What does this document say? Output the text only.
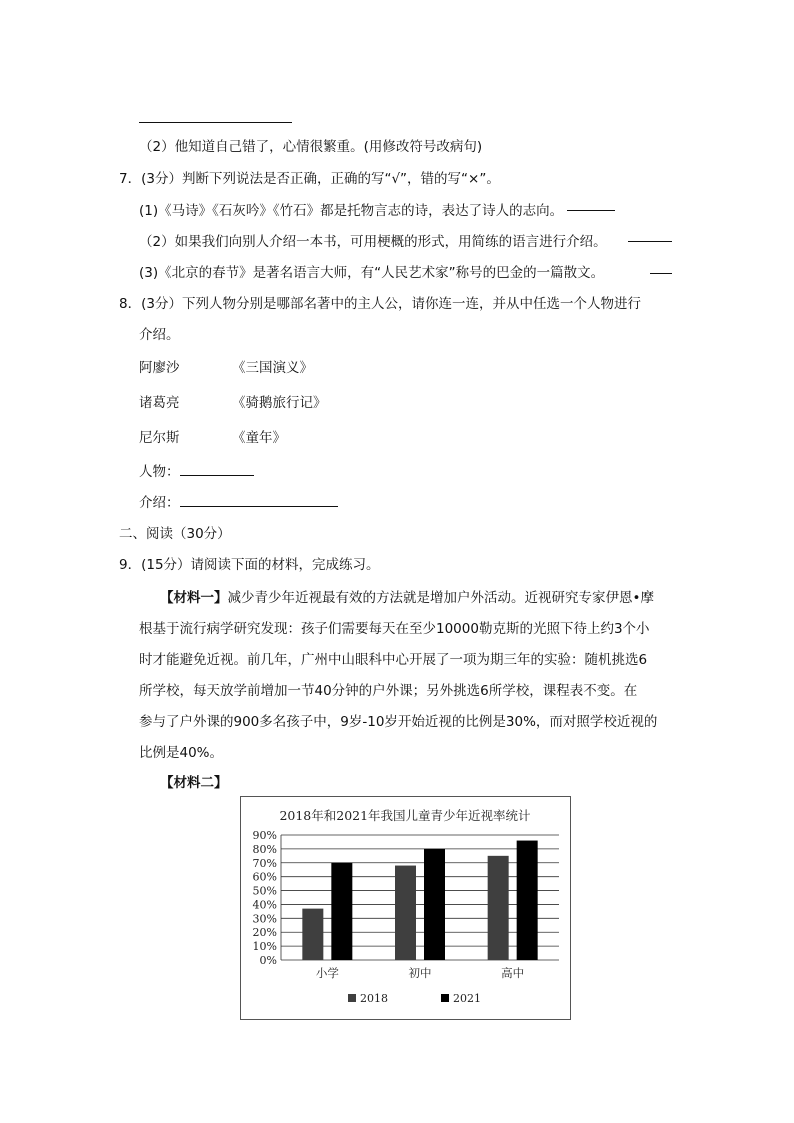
（2）他知道自己错了，心情很繁重。(用修改符号改病句)
7．(3分）判断下列说法是否正确，正确的写“√”，错的写“×”。
(1)《马诗》《石灰吟》《竹石》都是托物言志的诗，表达了诗人的志向。
（2）如果我们向别人介绍一本书，可用梗概的形式，用简练的语言进行介绍。
(3)《北京的春节》是著名语言大师，有“人民艺术家”称号的巴金的一篇散文。
8．(3分）下列人物分别是哪部名著中的主人公，请你连一连，并从中任选一个人物进行
介绍。
阿廖沙	《三国演义》
诸葛亮	《骑鹅旅行记》
尼尔斯	《童年》
人物：
介绍：
二、阅读（30分）
9．(15分）请阅读下面的材料，完成练习。
【材料一】减少青少年近视最有效的方法就是增加户外活动。近视研究专家伊恩•摩
根基于流行病学研究发现：孩子们需要每天在至少10000勒克斯的光照下待上约3个小
时才能避免近视。前几年，广州中山眼科中心开展了一项为期三年的实验：随机挑选6
所学校，每天放学前增加一节40分钟的户外课；另外挑选6所学校，课程表不变。在
参与了户外课的900多名孩子中，9岁-10岁开始近视的比例是30%，而对照学校近视的
比例是40%。
【材料二】
2018年和2021年我国儿童青少年近视率统计
0%
10%
20%
30%
40%
50%
60%
70%
80%
90%
小学	初中	高中
2018	2021
